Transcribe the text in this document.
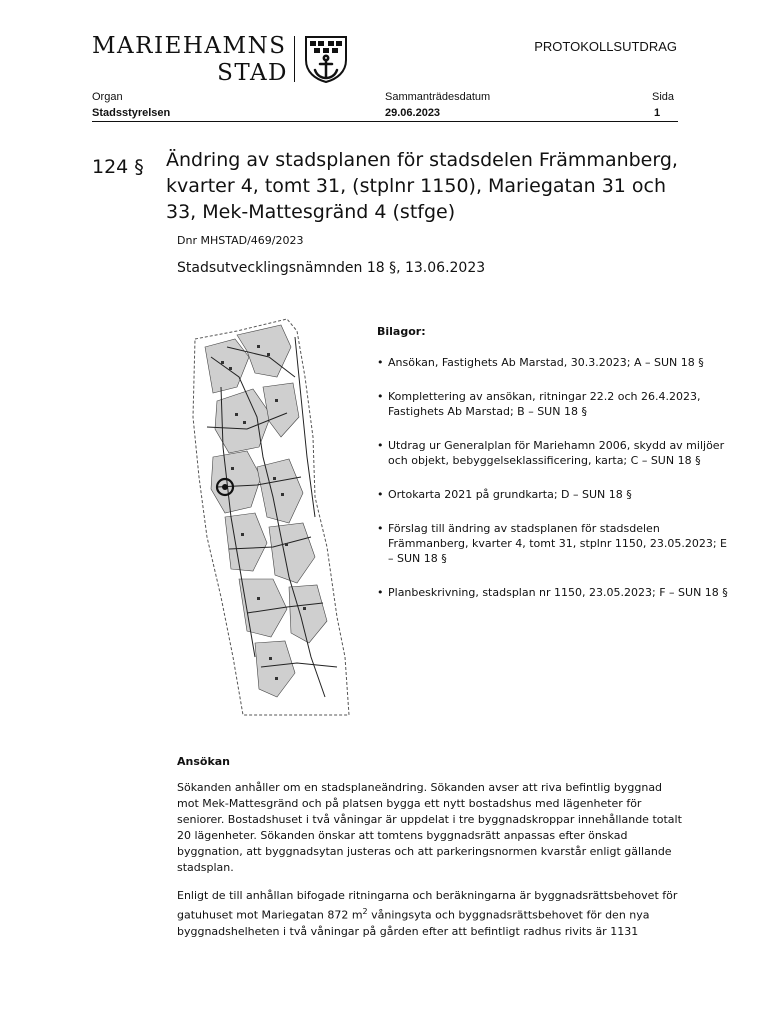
MARIEHAMNS
STAD
PROTOKOLLSUTDRAG
Organ	Sammanträdesdatum	Sida
Stadsstyrelsen	29.06.2023	1
124 § Ändring av stadsplanen för stadsdelen Främmanberg, kvarter 4, tomt 31, (stplnr 1150), Mariegatan 31 och 33, Mek-Mattesgränd 4 (stfge)
Dnr MHSTAD/469/2023
Stadsutvecklingsnämnden 18 §, 13.06.2023
Bilagor:
• Ansökan, Fastighets Ab Marstad, 30.3.2023; A – SUN 18 §
• Komplettering av ansökan, ritningar 22.2 och 26.4.2023, Fastighets Ab Marstad; B – SUN 18 §
• Utdrag ur Generalplan för Mariehamn 2006, skydd av miljöer och objekt, bebyggelseklassificering, karta; C – SUN 18 §
• Ortokarta 2021 på grundkarta; D – SUN 18 §
• Förslag till ändring av stadsplanen för stadsdelen Främmanberg, kvarter 4, tomt 31, stplnr 1150, 23.05.2023; E – SUN 18 §
• Planbeskrivning, stadsplan nr 1150, 23.05.2023; F – SUN 18 §
Ansökan

Sökanden anhåller om en stadsplaneändring. Sökanden avser att riva befintlig byggnad mot Mek-Mattesgränd och på platsen bygga ett nytt bostadshus med lägenheter för seniorer. Bostadshuset i två våningar är uppdelat i tre byggnadskroppar innehållande totalt 20 lägenheter. Sökanden önskar att tomtens byggnadsrätt anpassas efter önskad byggnation, att byggnadsytan justeras och att parkeringsnormen kvarstår enligt gällande stadsplan.

Enligt de till anhållan bifogade ritningarna och beräkningarna är byggnadsrättsbehovet för gatuhuset mot Mariegatan 872 $m^2$ våningsyta och byggnadsrättsbehovet för den nya byggnadshelheten i två våningar på gården efter att befintligt radhus rivits är 1131
